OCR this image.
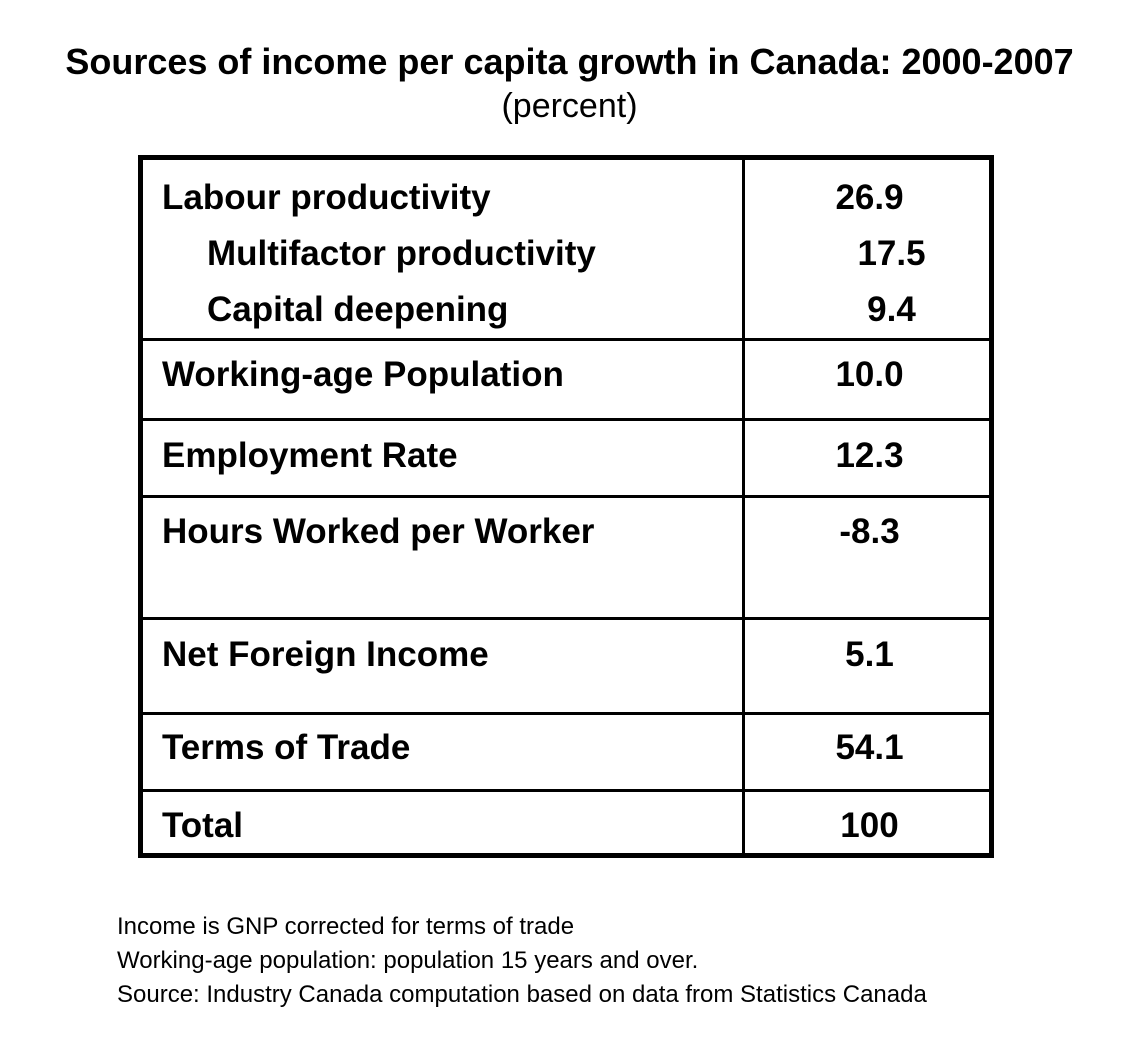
Sources of income per capita growth in Canada: 2000-2007
(percent)
Labour productivity	26.9
Multifactor productivity	17.5
Capital deepening	9.4
Working-age Population	10.0
Employment Rate	12.3
Hours Worked per Worker	-8.3
Net Foreign Income	5.1
Terms of Trade	54.1
Total	100
Income is GNP corrected for terms of trade
Working-age population: population 15 years and over.
Source: Industry Canada computation based on data from Statistics Canada
